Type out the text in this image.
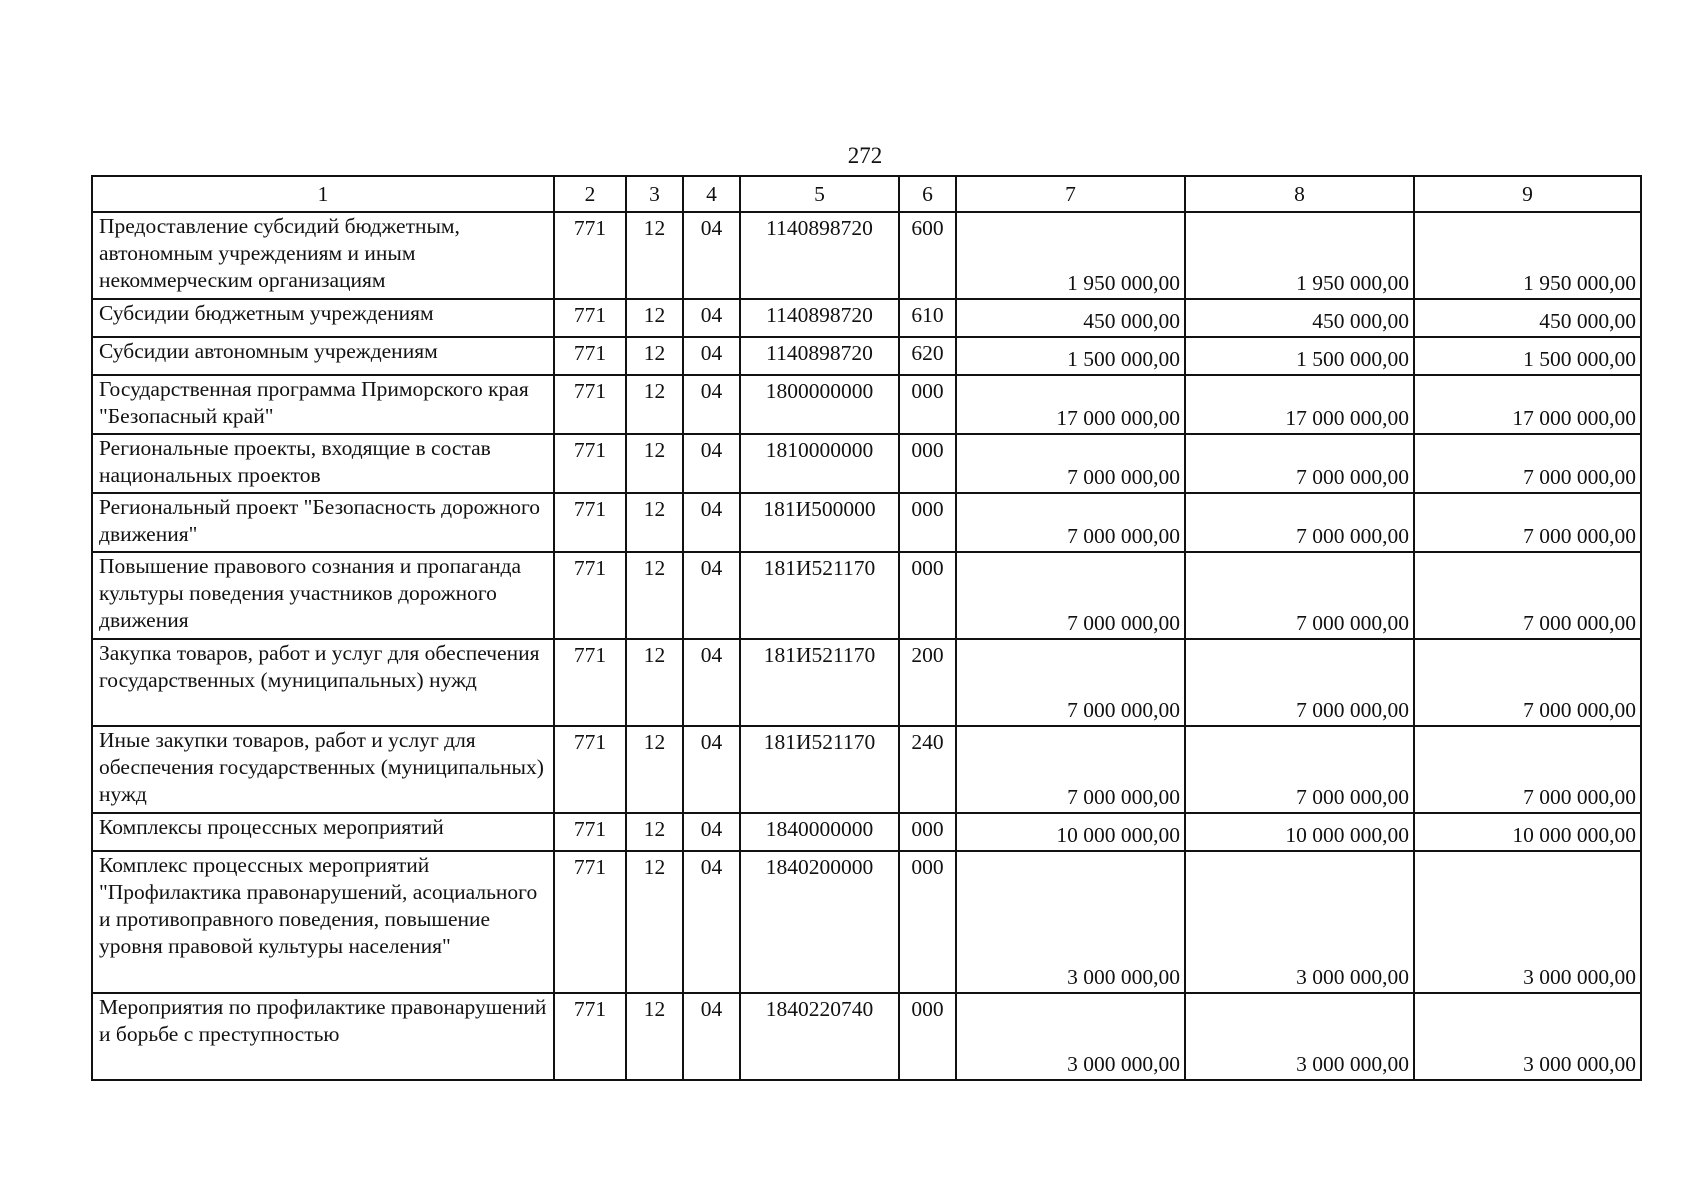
272
1	2	3	4	5	6	7	8	9
Предоставление субсидий бюджетным, автономным учреждениям и иным некоммерческим организациям	771	12	04	1140898720	600	1 950 000,00	1 950 000,00	1 950 000,00
Субсидии бюджетным учреждениям	771	12	04	1140898720	610	450 000,00	450 000,00	450 000,00
Субсидии автономным учреждениям	771	12	04	1140898720	620	1 500 000,00	1 500 000,00	1 500 000,00
Государственная программа Приморского края "Безопасный край"	771	12	04	1800000000	000	17 000 000,00	17 000 000,00	17 000 000,00
Региональные проекты, входящие в состав национальных проектов	771	12	04	1810000000	000	7 000 000,00	7 000 000,00	7 000 000,00
Региональный проект "Безопасность дорожного движения"	771	12	04	181И500000	000	7 000 000,00	7 000 000,00	7 000 000,00
Повышение правового сознания и пропаганда культуры поведения участников дорожного движения	771	12	04	181И521170	000	7 000 000,00	7 000 000,00	7 000 000,00
Закупка товаров, работ и услуг для обеспечения государственных (муниципальных) нужд	771	12	04	181И521170	200	7 000 000,00	7 000 000,00	7 000 000,00
Иные закупки товаров, работ и услуг для обеспечения государственных (муниципальных) нужд	771	12	04	181И521170	240	7 000 000,00	7 000 000,00	7 000 000,00
Комплексы процессных мероприятий	771	12	04	1840000000	000	10 000 000,00	10 000 000,00	10 000 000,00
Комплекс процессных мероприятий "Профилактика правонарушений, асоциального и противоправного поведения, повышение уровня правовой культуры населения"	771	12	04	1840200000	000	3 000 000,00	3 000 000,00	3 000 000,00
Мероприятия по профилактике правонарушений и борьбе с преступностью	771	12	04	1840220740	000	3 000 000,00	3 000 000,00	3 000 000,00
